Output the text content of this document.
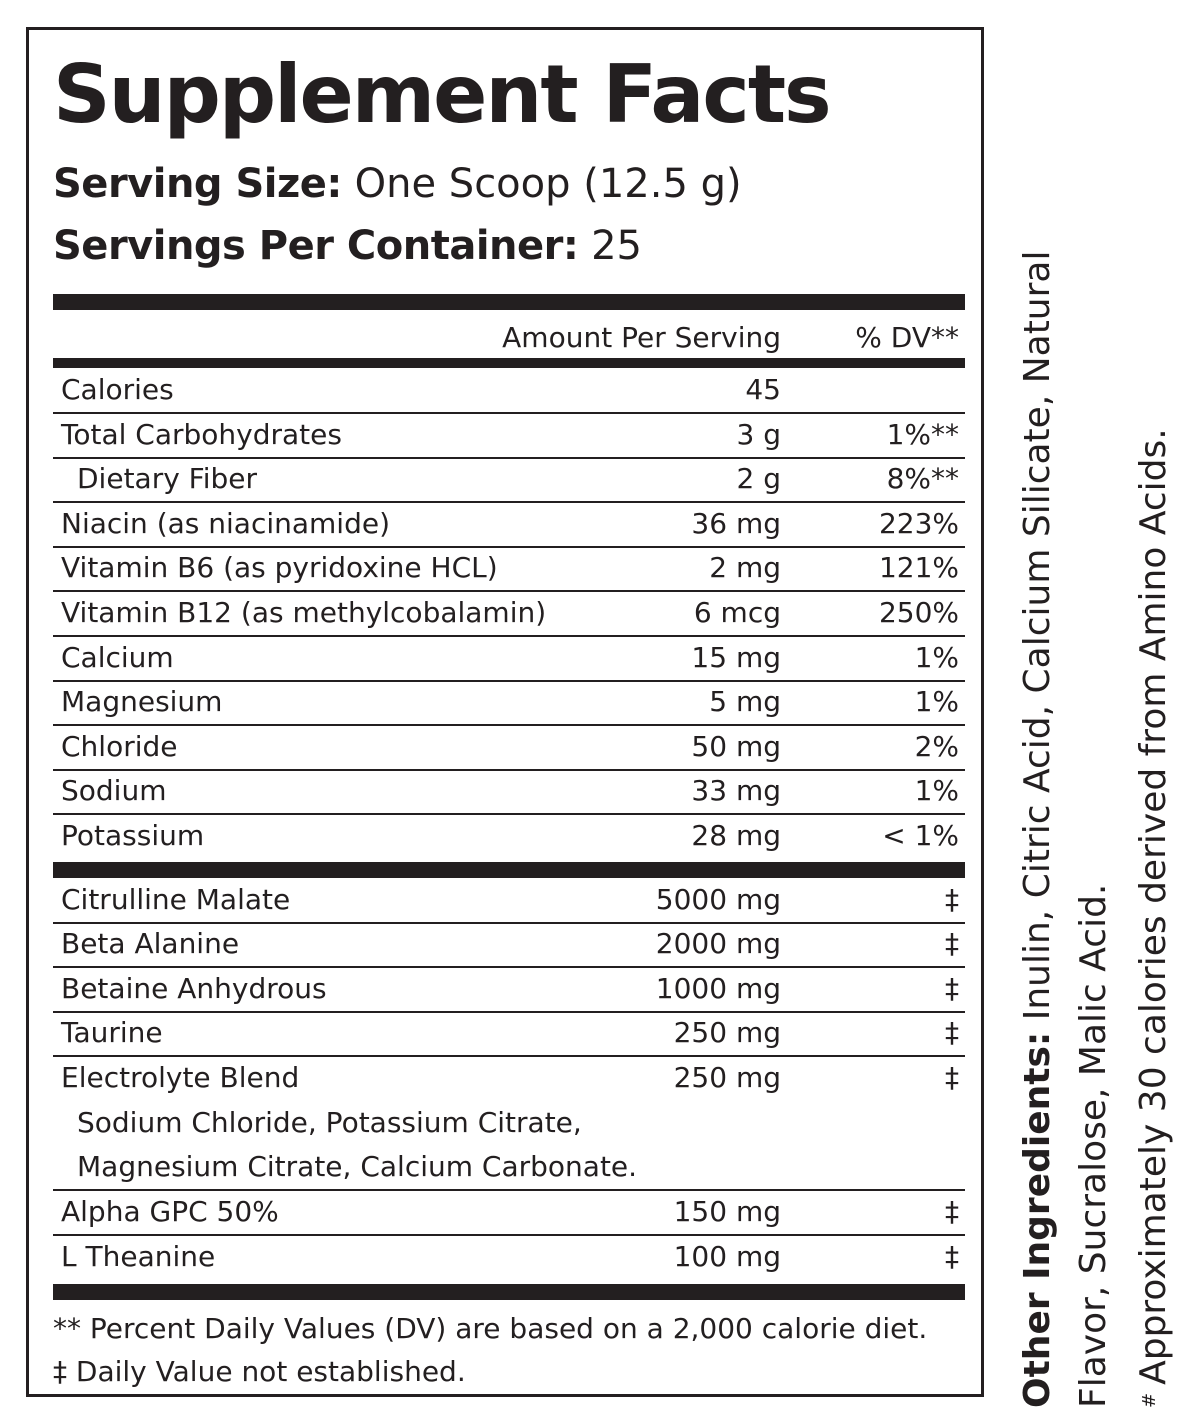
Supplement Facts
Serving Size: One Scoop (12.5 g)
Servings Per Container: 25
Amount Per Serving	% DV**
Calories	45
Total Carbohydrates	3 g	1%**
Dietary Fiber	2 g	8%**
Niacin (as niacinamide)	36 mg	223%
Vitamin B6 (as pyridoxine HCL)	2 mg	121%
Vitamin B12 (as methylcobalamin)	6 mcg	250%
Calcium	15 mg	1%
Magnesium	5 mg	1%
Chloride	50 mg	2%
Sodium	33 mg	1%
Potassium	28 mg	< 1%
Citrulline Malate	5000 mg	‡
Beta Alanine	2000 mg	‡
Betaine Anhydrous	1000 mg	‡
Taurine	250 mg	‡
Electrolyte Blend	250 mg	‡
Sodium Chloride, Potassium Citrate,
Magnesium Citrate, Calcium Carbonate.
Alpha GPC 50%	150 mg	‡
L Theanine	100 mg	‡
** Percent Daily Values (DV) are based on a 2,000 calorie diet.
‡ Daily Value not established.	Other Ingredients: Inulin, Citric Acid, Calcium Silicate, Natural
Flavor, Sucralose, Malic Acid.	#Approximately 30 calories derived from Amino Acids.
